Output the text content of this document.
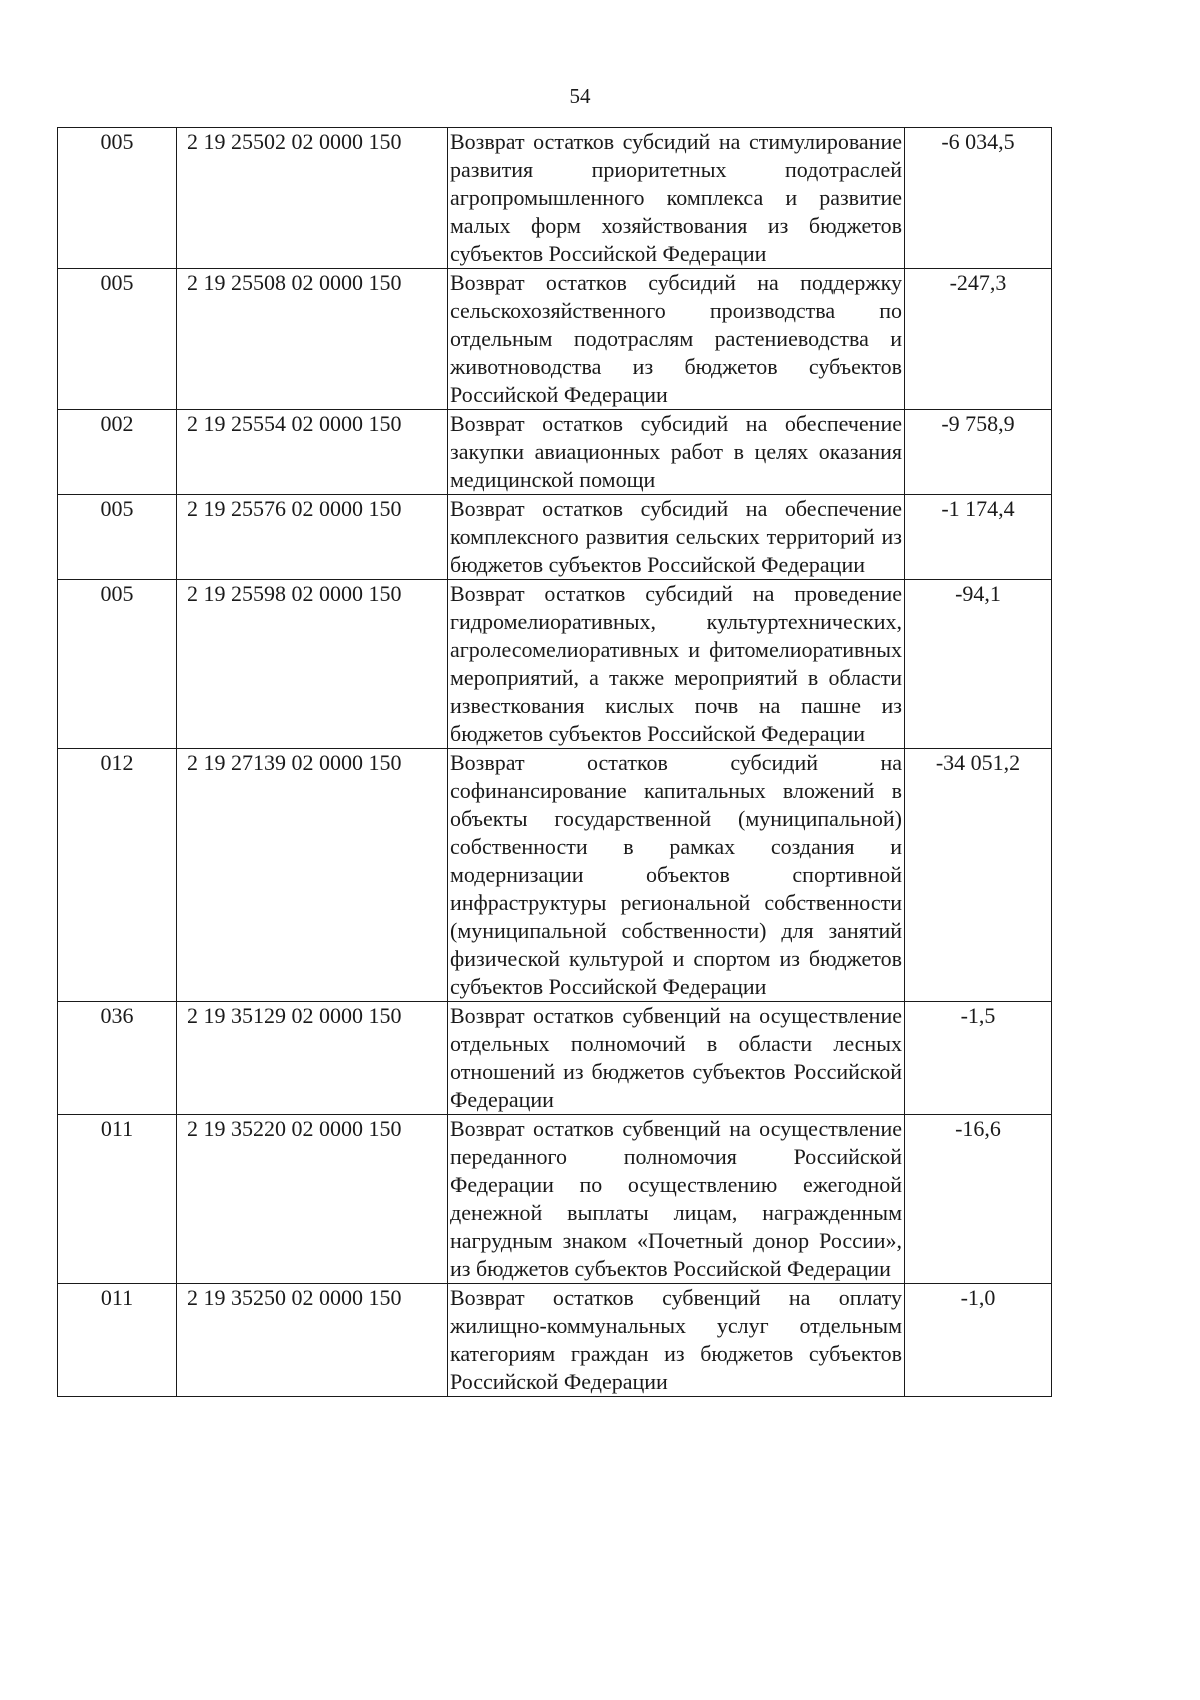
54
005	2 19 25502 02 0000 150	Возврат остатков субсидий на стимулирование развития приоритетных подотраслей агропромышленного комплекса и развитие малых форм хозяйствования из бюджетов субъектов Российской Федерации	-6 034,5
005	2 19 25508 02 0000 150	Возврат остатков субсидий на поддержку сельскохозяйственного производства по отдельным подотраслям растениеводства и животноводства из бюджетов субъектов Российской Федерации	-247,3
002	2 19 25554 02 0000 150	Возврат остатков субсидий на обеспечение закупки авиационных работ в целях оказания медицинской помощи	-9 758,9
005	2 19 25576 02 0000 150	Возврат остатков субсидий на обеспечение комплексного развития сельских территорий из бюджетов субъектов Российской Федерации	-1 174,4
005	2 19 25598 02 0000 150	Возврат остатков субсидий на проведение гидромелиоративных, культуртехнических, агролесомелиоративных и фитомелиоративных мероприятий, а также мероприятий в области известкования кислых почв на пашне из бюджетов субъектов Российской Федерации	-94,1
012	2 19 27139 02 0000 150	Возврат остатков субсидий на софинансирование капитальных вложений в объекты государственной (муниципальной) собственности в рамках создания и модернизации объектов спортивной инфраструктуры региональной собственности (муниципальной собственности) для занятий физической культурой и спортом из бюджетов субъектов Российской Федерации	-34 051,2
036	2 19 35129 02 0000 150	Возврат остатков субвенций на осуществление отдельных полномочий в области лесных отношений из бюджетов субъектов Российской Федерации	-1,5
011	2 19 35220 02 0000 150	Возврат остатков субвенций на осуществление переданного полномочия Российской Федерации по осуществлению ежегодной денежной выплаты лицам, награжденным нагрудным знаком «Почетный донор России», из бюджетов субъектов Российской Федерации	-16,6
011	2 19 35250 02 0000 150	Возврат остатков субвенций на оплату жилищно-коммунальных услуг отдельным категориям граждан из бюджетов субъектов Российской Федерации	-1,0
